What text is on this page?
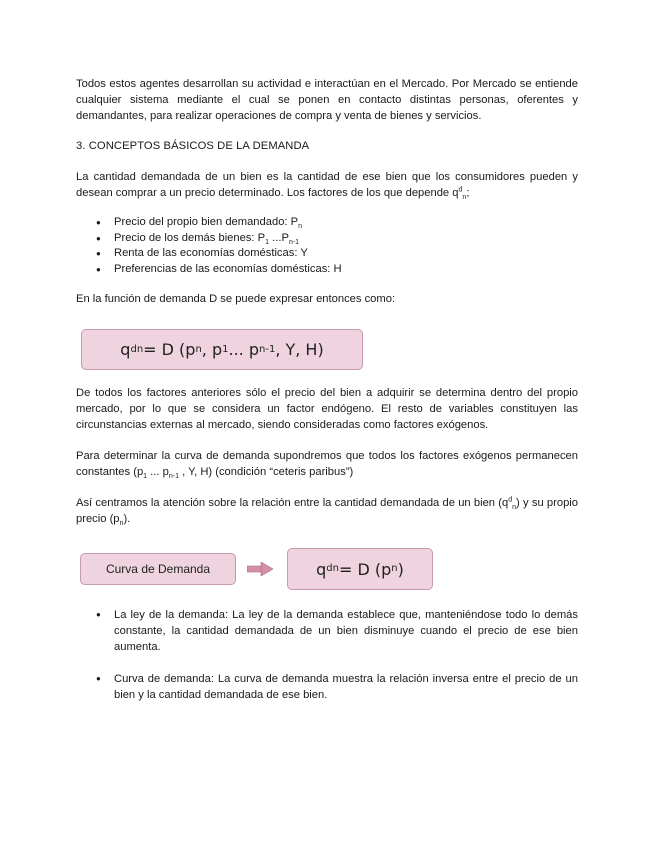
Todos estos agentes desarrollan su actividad e interactúan en el Mercado. Por Mercado se entiende cualquier sistema mediante el cual se ponen en contacto distintas personas, oferentes y demandantes, para realizar operaciones de compra y venta de bienes y servicios.

3. CONCEPTOS BÁSICOS DE LA DEMANDA

La cantidad demandada de un bien es la cantidad de ese bien que los consumidores pueden y desean comprar a un precio determinado. Los factores de los que depende $q^d_n$;

● Precio del propio bien demandado: $P_n$
● Precio de los demás bienes: $P_1$ $...P_{n-1}$
● Renta de las economías domésticas: Y
● Preferencias de las economías domésticas: H

En la función de demanda D se puede expresar entonces como:

De todos los factores anteriores sólo el precio del bien a adquirir se determina dentro del propio mercado, por lo que se considera un factor endógeno. El resto de variables constituyen las circunstancias externas al mercado, siendo consideradas como factores exógenos.

Para determinar la curva de demanda supondremos que todos los factores exógenos permanecen constantes ($p_1$ ... $p_{n-1}$ , Y, H) (condición “ceteris paribus”)

Así centramos la atención sobre la relación entre la cantidad demandada de un bien $(q^d_n)$ y su propio precio $(p_n)$.

● La ley de la demanda: La ley de la demanda establece que, manteniéndose todo lo demás constante, la cantidad demandada de un bien disminuye cuando el precio de ese bien aumenta.
● Curva de demanda: La curva de demanda muestra la relación inversa entre el precio de un bien y la cantidad demandada de ese bien.
q d n = D (p n , p 1 ... p n-1 , Y, H)
Curva de Demanda	q d n = D (p n )
